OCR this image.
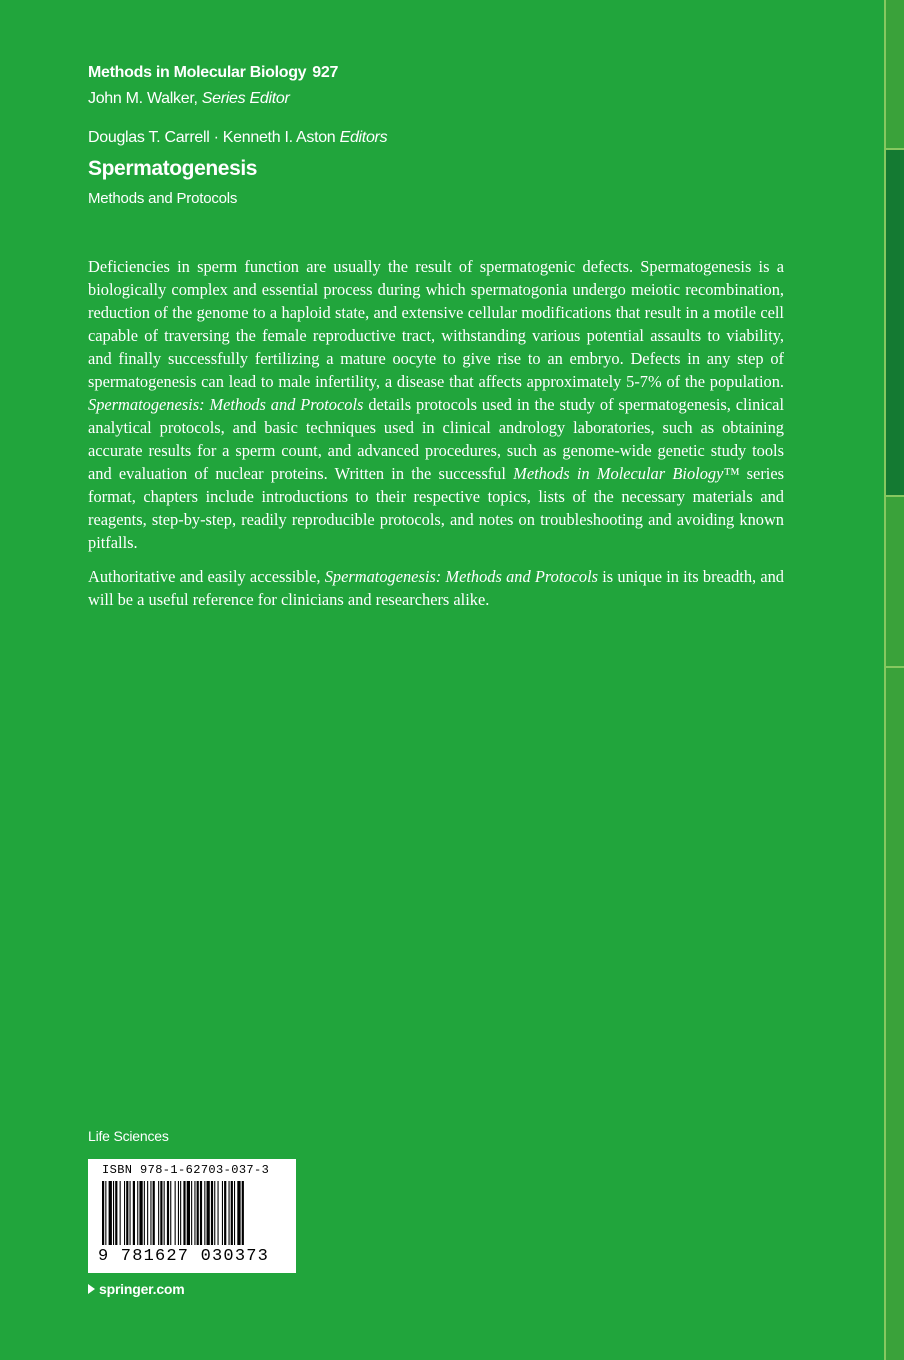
Methods in Molecular Biology 927
John M. Walker, Series Editor
Douglas T. Carrell · Kenneth I. Aston Editors
Spermatogenesis
Methods and Protocols

Deficiencies in sperm function are usually the result of spermatogenic defects. Spermatogenesis is a biologically complex and essential process during which spermatogonia undergo meiotic recombination, reduction of the genome to a haploid state, and extensive cellular modifications that result in a motile cell capable of traversing the female reproductive tract, withstanding various potential assaults to viability, and finally successfully fertilizing a mature oocyte to give rise to an embryo. Defects in any step of spermatogenesis can lead to male infertility, a disease that affects approximately 5-7% of the population. Spermatogenesis: Methods and Protocols details protocols used in the study of spermatogenesis, clinical analytical protocols, and basic techniques used in clinical andrology laboratories, such as obtaining accurate results for a sperm count, and advanced procedures, such as genome-wide genetic study tools and evaluation of nuclear proteins. Written in the successful Methods in Molecular Biology™ series format, chapters include introductions to their respective topics, lists of the necessary materials and reagents, step-by-step, readily reproducible protocols, and notes on troubleshooting and avoiding known pitfalls.

Authoritative and easily accessible, Spermatogenesis: Methods and Protocols is unique in its breadth, and will be a useful reference for clinicians and researchers alike.

Life Sciences
ISBN 978-1-62703-037-3
9 781627 030373
springer.com
